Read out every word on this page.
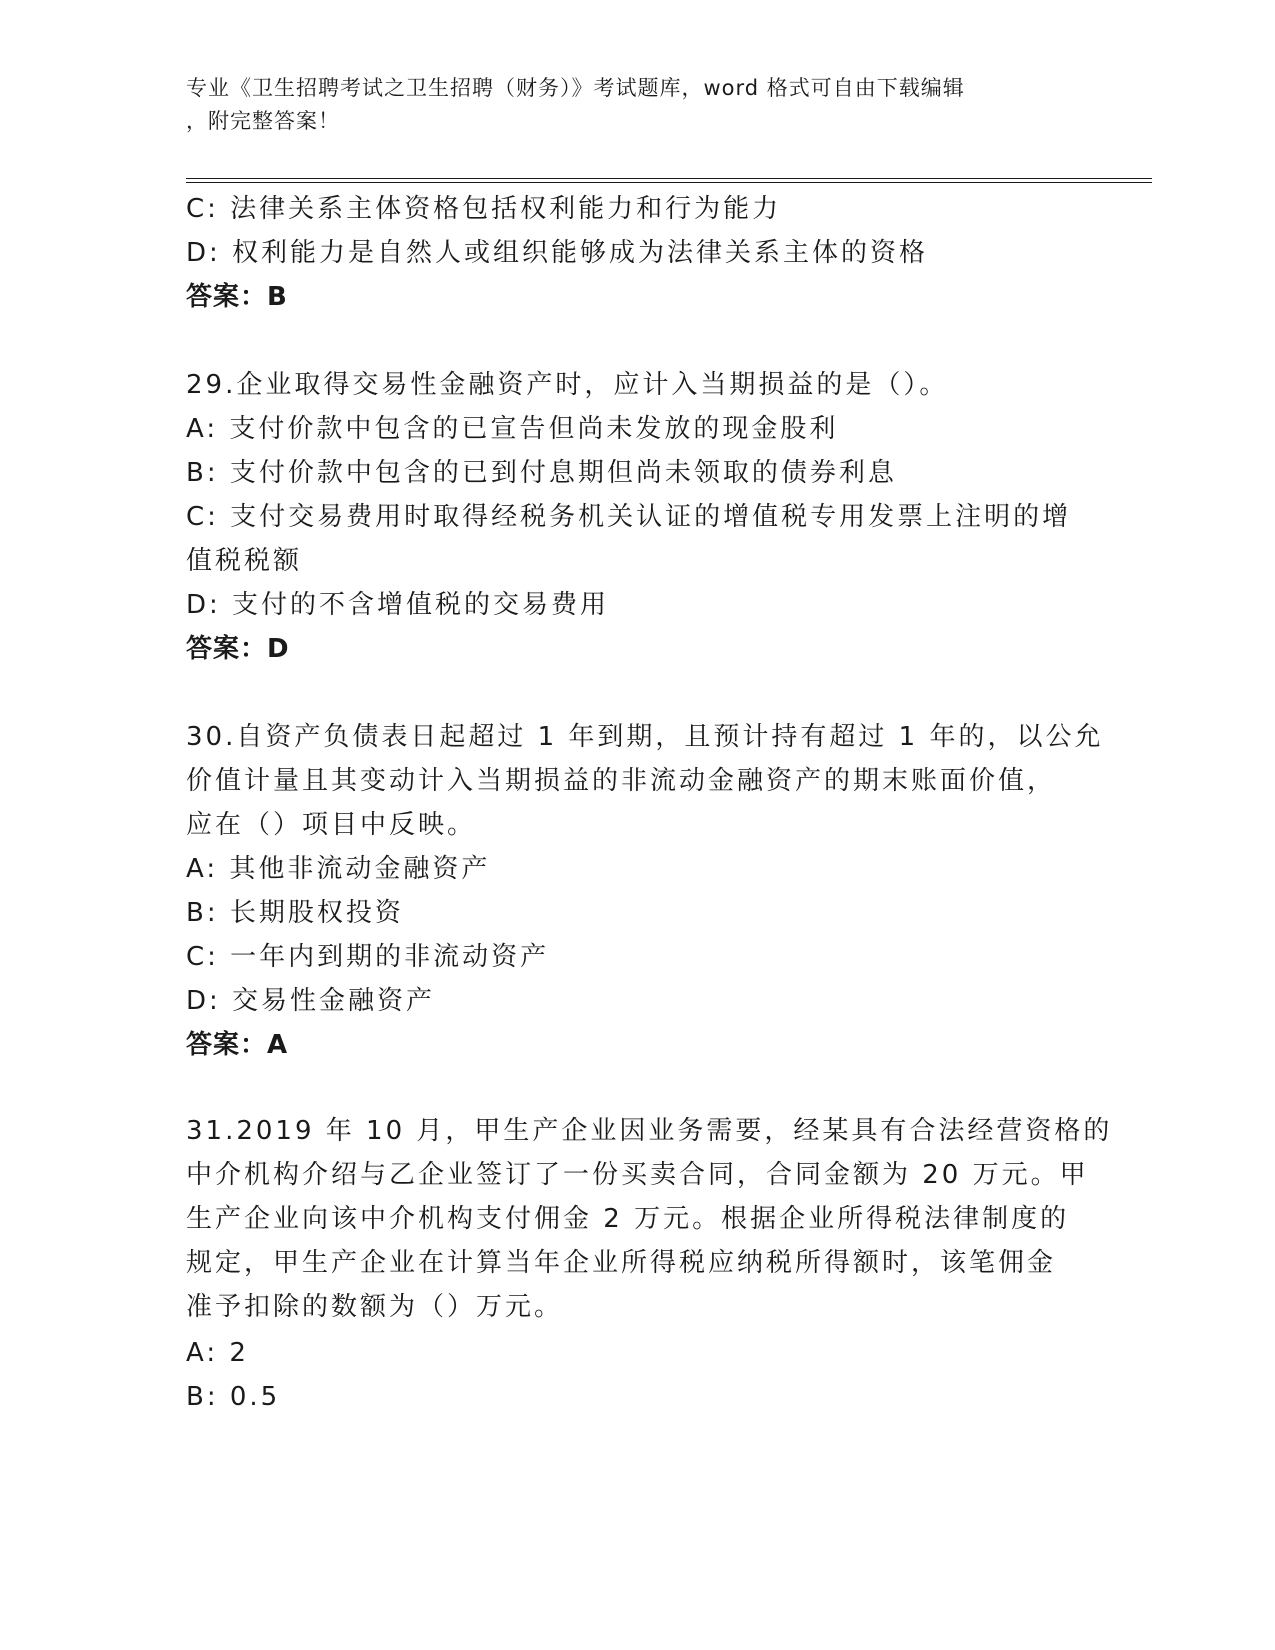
专业《卫生招聘考试之卫生招聘（财务）》考试题库，word 格式可自由下载编辑
，附完整答案！
C: 法律关系主体资格包括权利能力和行为能力
D: 权利能力是自然人或组织能够成为法律关系主体的资格
答案：B
29.企业取得交易性金融资产时，应计入当期损益的是（）。
A: 支付价款中包含的已宣告但尚未发放的现金股利
B: 支付价款中包含的已到付息期但尚未领取的债券利息
C: 支付交易费用时取得经税务机关认证的增值税专用发票上注明的增
值税税额
D: 支付的不含增值税的交易费用
答案：D
30.自资产负债表日起超过 1 年到期，且预计持有超过 1 年的，以公允
价值计量且其变动计入当期损益的非流动金融资产的期末账面价值，
应在（）项目中反映。
A: 其他非流动金融资产
B: 长期股权投资
C: 一年内到期的非流动资产
D: 交易性金融资产
答案：A
31.2019 年 10 月，甲生产企业因业务需要，经某具有合法经营资格的
中介机构介绍与乙企业签订了一份买卖合同，合同金额为 20 万元。甲
生产企业向该中介机构支付佣金 2 万元。根据企业所得税法律制度的
规定，甲生产企业在计算当年企业所得税应纳税所得额时，该笔佣金
准予扣除的数额为（）万元。
A: 2
B: 0.5
